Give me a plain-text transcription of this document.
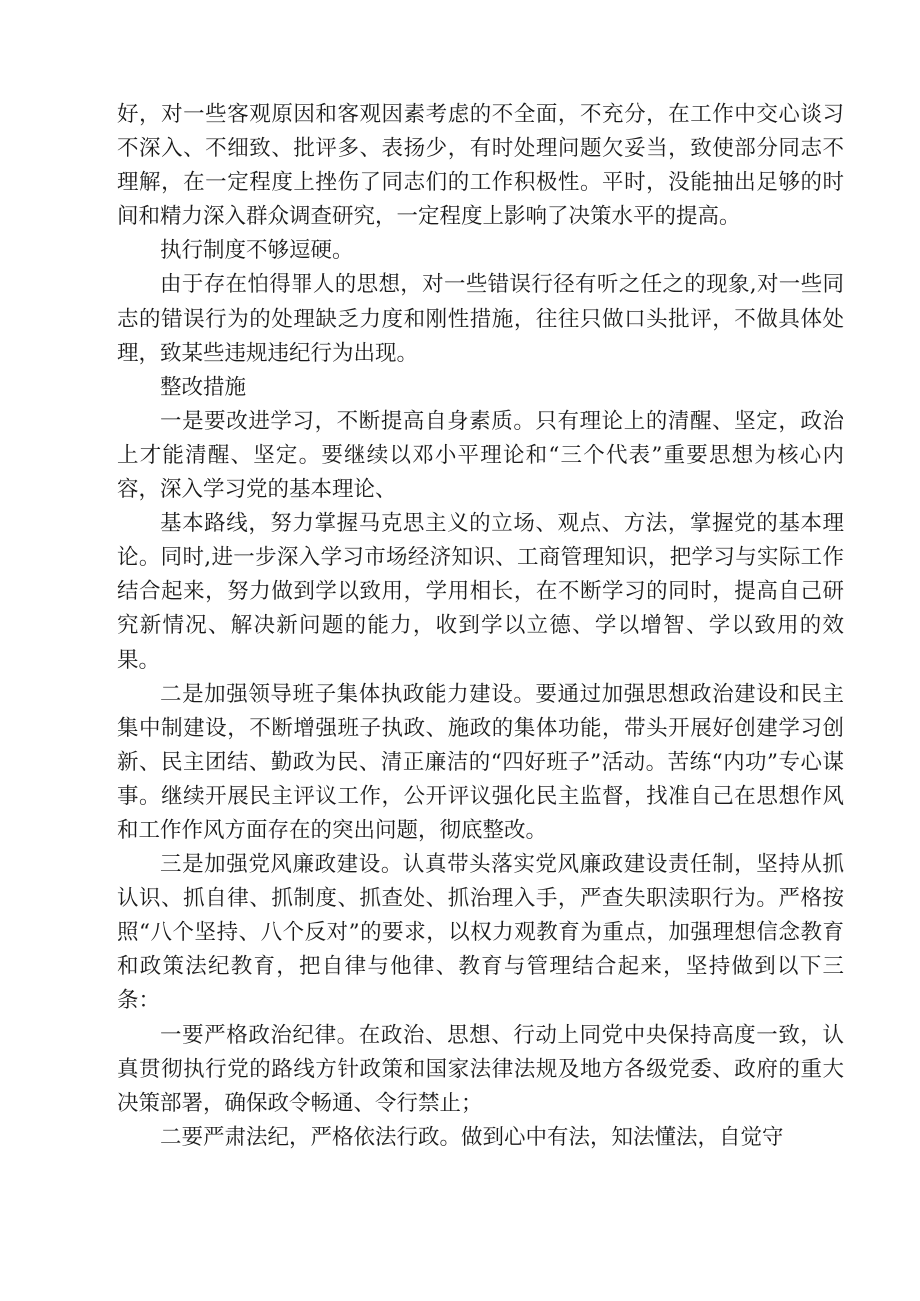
好，对一些客观原因和客观因素考虑的不全面，不充分，在工作中交心谈习不深入、不细致、批评多、表扬少，有时处理问题欠妥当，致使部分同志不理解，在一定程度上挫伤了同志们的工作积极性。平时，没能抽出足够的时间和精力深入群众调查研究，一定程度上影响了决策水平的提高。

执行制度不够逗硬。

由于存在怕得罪人的思想，对一些错误行径有听之任之的现象,对一些同志的错误行为的处理缺乏力度和刚性措施，往往只做口头批评，不做具体处理，致某些违规违纪行为出现。

整改措施

一是要改进学习，不断提高自身素质。只有理论上的清醒、坚定，政治上才能清醒、坚定。要继续以邓小平理论和“三个代表”重要思想为核心内容，深入学习党的基本理论、

基本路线，努力掌握马克思主义的立场、观点、方法，掌握党的基本理论。同时,进一步深入学习市场经济知识、工商管理知识，把学习与实际工作结合起来，努力做到学以致用，学用相长，在不断学习的同时，提高自己研究新情况、解决新问题的能力，收到学以立德、学以增智、学以致用的效果。

二是加强领导班子集体执政能力建设。要通过加强思想政治建设和民主集中制建设，不断增强班子执政、施政的集体功能，带头开展好创建学习创新、民主团结、勤政为民、清正廉洁的“四好班子”活动。苦练“内功”专心谋事。继续开展民主评议工作，公开评议强化民主监督，找准自己在思想作风和工作作风方面存在的突出问题，彻底整改。

三是加强党风廉政建设。认真带头落实党风廉政建设责任制，坚持从抓认识、抓自律、抓制度、抓查处、抓治理入手，严查失职渎职行为。严格按照“八个坚持、八个反对”的要求，以权力观教育为重点，加强理想信念教育和政策法纪教育，把自律与他律、教育与管理结合起来，坚持做到以下三条：

一要严格政治纪律。在政治、思想、行动上同党中央保持高度一致，认真贯彻执行党的路线方针政策和国家法律法规及地方各级党委、政府的重大决策部署，确保政令畅通、令行禁止；

二要严肃法纪，严格依法行政。做到心中有法，知法懂法，自觉守
